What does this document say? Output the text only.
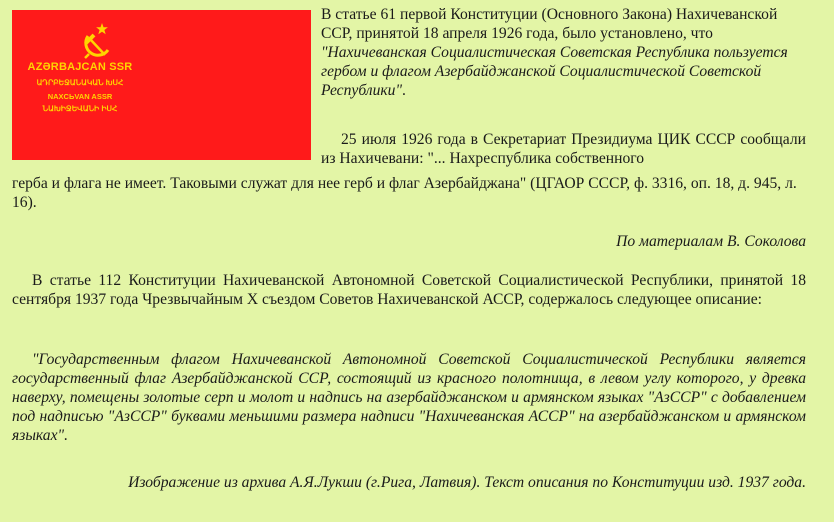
AZƏRBAJCAN SSR
ԱԴՐԲԵՋԱՆԱԿԱՆ ԽՍՀ
NAXCЬVAN ASSR
ՆԱԽԻՋԵՎԱՆԻ ԻՍՀ

В статье 61 первой Конституции (Основного Закона) Нахичеванской ССР, принятой 18 апреля 1926 года, было установлено, что "Нахичеванская Социалистическая Советская Республика пользуется гербом и флагом Азербайджанской Социалистической Советской Республики".

25 июля 1926 года в Секретариат Президиума ЦИК СССР сообщали из Нахичевани: "... Нахреспублика собственного

герба и флага не имеет. Таковыми служат для нее герб и флаг Азербайджана" (ЦГАОР СССР, ф. 3316, оп. 18, д. 945, л. 16).

По материалам В. Соколова

В статье 112 Конституции Нахичеванской Автономной Советской Социалистической Республики, принятой 18 сентября 1937 года Чрезвычайным X съездом Советов Нахичеванской АССР, содержалось следующее описание:

"Государственным флагом Нахичеванской Автономной Советской Социалистической Республики является государственный флаг Азербайджанской ССР, состоящий из красного полотнища, в левом углу которого, у древка наверху, помещены золотые серп и молот и надпись на азербайджанском и армянском языках "АзССР" с добавлением под надписью "АзССР" буквами меньшими размера надписи "Нахичеванская АССР" на азербайджанском и армянском языках".

Изображение из архива А.Я.Лукши (г.Рига, Латвия). Текст описания по Конституции изд. 1937 года.
